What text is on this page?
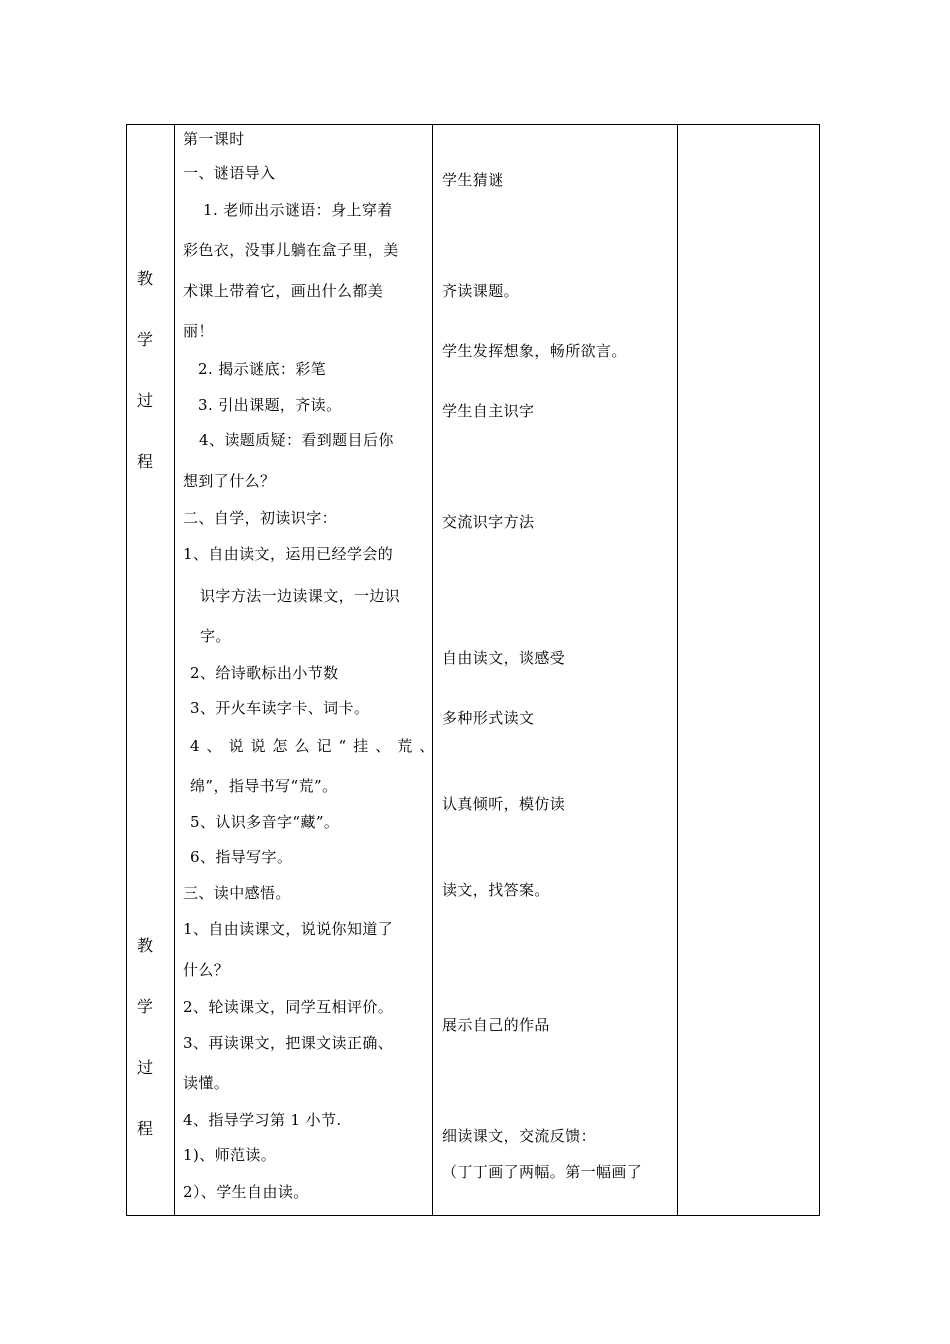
教
学
过
程
教
学
过
程
第一课时
一、谜语导入
1. 老师出示谜语：身上穿着
彩色衣，没事儿躺在盒子里，美
术课上带着它，画出什么都美
丽！
2. 揭示谜底：彩笔
3. 引出课题，齐读。
4、读题质疑：看到题目后你
想到了什么？
二、自学，初读识字：
1、自由读文，运用已经学会的
识字方法一边读课文，一边识
字。
2、给诗歌标出小节数
3、开火车读字卡、词卡。
4、说说怎么记“挂、荒、
绵”，指导书写“荒”。
5、认识多音字“藏”。
6、指导写字。
三、读中感悟。
1、自由读课文，说说你知道了
什么？
2、轮读课文，同学互相评价。
3、再读课文，把课文读正确、
读懂。
4、指导学习第 1 小节.
1)、师范读。
2）、学生自由读。
学生猜谜
齐读课题。
学生发挥想象，畅所欲言。
学生自主识字
交流识字方法
自由读文，谈感受
多种形式读文
认真倾听，模仿读
读文，找答案。
展示自己的作品
细读课文，交流反馈：
（丁丁画了两幅。第一幅画了
